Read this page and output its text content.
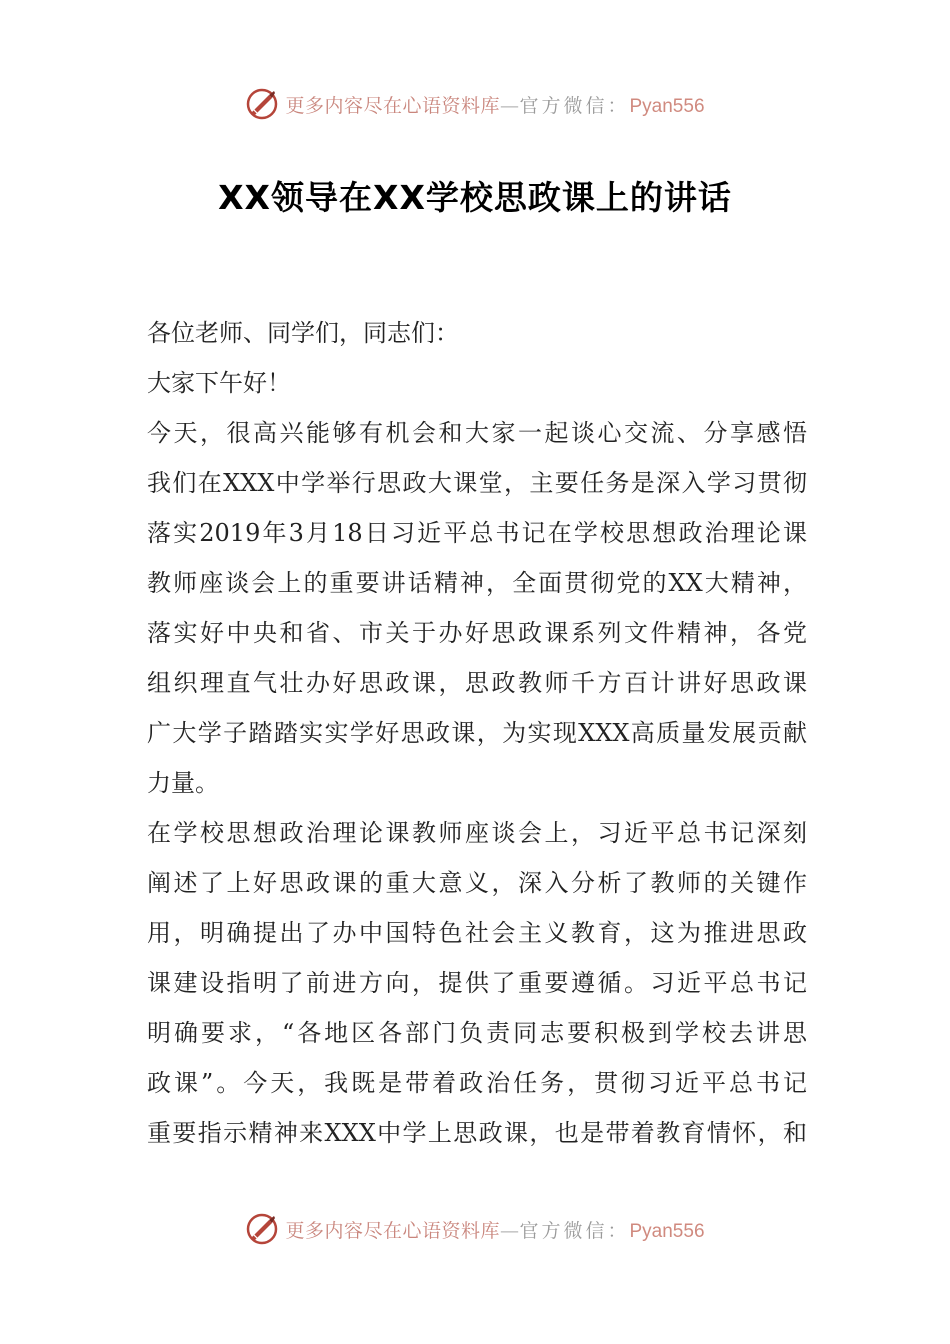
更多内容尽在心语资料库—官方微信：Pyan556
XX领导在XX学校思政课上的讲话
各位老师、同学们，同志们：
大家下午好！
今天，很高兴能够有机会和大家一起谈心交流、分享感悟
我们在XXX中学举行思政大课堂，主要任务是深入学习贯彻
落实2019年3月18日习近平总书记在学校思想政治理论课
教师座谈会上的重要讲话精神，全面贯彻党的XX大精神，
落实好中央和省、市关于办好思政课系列文件精神，各党
组织理直气壮办好思政课，思政教师千方百计讲好思政课
广大学子踏踏实实学好思政课，为实现XXX高质量发展贡献
力量。
在学校思想政治理论课教师座谈会上，习近平总书记深刻
阐述了上好思政课的重大意义，深入分析了教师的关键作
用，明确提出了办中国特色社会主义教育，这为推进思政
课建设指明了前进方向，提供了重要遵循。习近平总书记
明确要求，“各地区各部门负责同志要积极到学校去讲思
政课”。今天，我既是带着政治任务，贯彻习近平总书记
重要指示精神来XXX中学上思政课，也是带着教育情怀，和
更多内容尽在心语资料库—官方微信：Pyan556
